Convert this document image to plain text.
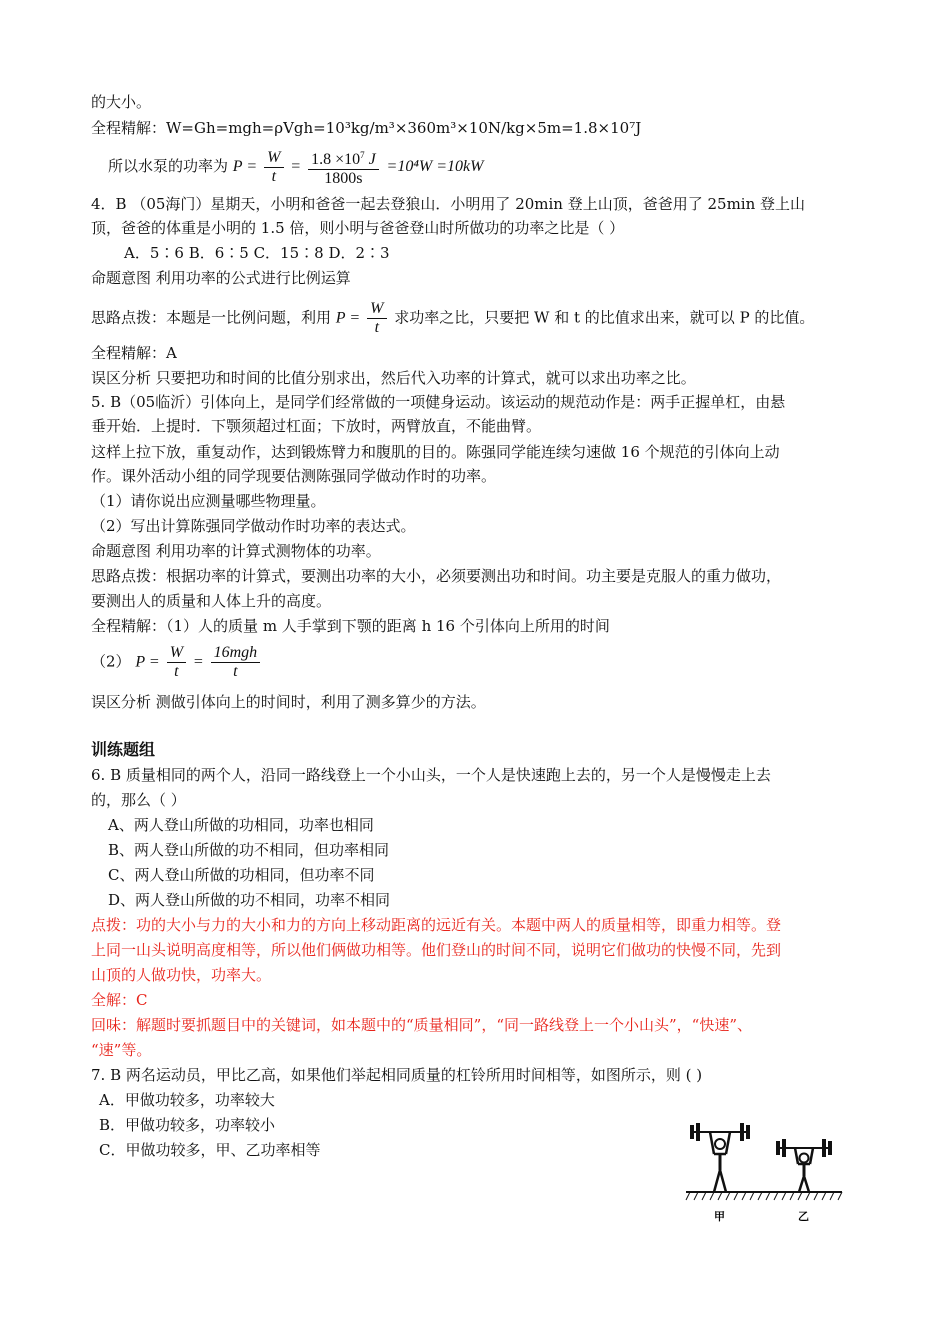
的大小。
全程精解：W=Gh=mgh=ρVgh=10³kg/m³×360m³×10N/kg×5m=1.8×10⁷J
所以水泵的功率为 $P = \frac{W}{t} = \frac{1.8 \times 10^7 J}{1800s} =10^4W =10kW$
4．B （05海门）星期天，小明和爸爸一起去登狼山．小明用了 20min 登上山顶，爸爸用了 25min 登上山
顶，爸爸的体重是小明的 1.5 倍，则小明与爸爸登山时所做功的功率之比是（ ）
A．5∶6 B．6∶5 C．15∶8 D．2∶3
命题意图 利用功率的公式进行比例运算
思路点拨：本题是一比例问题，利用 $P = \frac{W}{t}$ 求功率之比，只要把 W 和 t 的比值求出来，就可以 P 的比值。
全程精解：A
误区分析 只要把功和时间的比值分别求出，然后代入功率的计算式，就可以求出功率之比。
5. B（05临沂）引体向上，是同学们经常做的一项健身运动。该运动的规范动作是：两手正握单杠，由悬
垂开始．上提时．下颚须超过杠面；下放时，两臂放直，不能曲臂。
这样上拉下放，重复动作，达到锻炼臂力和腹肌的目的。陈强同学能连续匀速做 16 个规范的引体向上动
作。课外活动小组的同学现要估测陈强同学做动作时的功率。
（1）请你说出应测量哪些物理量。
（2）写出计算陈强同学做动作时功率的表达式。
命题意图 利用功率的计算式测物体的功率。
思路点拨：根据功率的计算式，要测出功率的大小，必须要测出功和时间。功主要是克服人的重力做功，
要测出人的质量和人体上升的高度。
全程精解：（1）人的质量 m 人手掌到下颚的距离 h 16 个引体向上所用的时间
（2） $P = \frac{W}{t} = \frac{\text{16mgh}}{t}$
误区分析 测做引体向上的时间时，利用了测多算少的方法。
训练题组
6. B 质量相同的两个人，沿同一路线登上一个小山头，一个人是快速跑上去的，另一个人是慢慢走上去
的，那么（ ）
A、两人登山所做的功相同，功率也相同
B、两人登山所做的功不相同，但功率相同
C、两人登山所做的功相同，但功率不同
D、两人登山所做的功不相同，功率不相同
点拨：功的大小与力的大小和力的方向上移动距离的远近有关。本题中两人的质量相等，即重力相等。登
上同一山头说明高度相等，所以他们俩做功相等。他们登山的时间不同，说明它们做功的快慢不同，先到
山顶的人做功快，功率大。
全解：C
回味：解题时要抓题目中的关键词，如本题中的“质量相同”，“同一路线登上一个小山头”，“快速”、
“速”等。
7. B 两名运动员，甲比乙高，如果他们举起相同质量的杠铃所用时间相等，如图所示，则 ( )
A．甲做功较多，功率较大
B．甲做功较多，功率较小
C．甲做功较多，甲、乙功率相等
甲	乙
